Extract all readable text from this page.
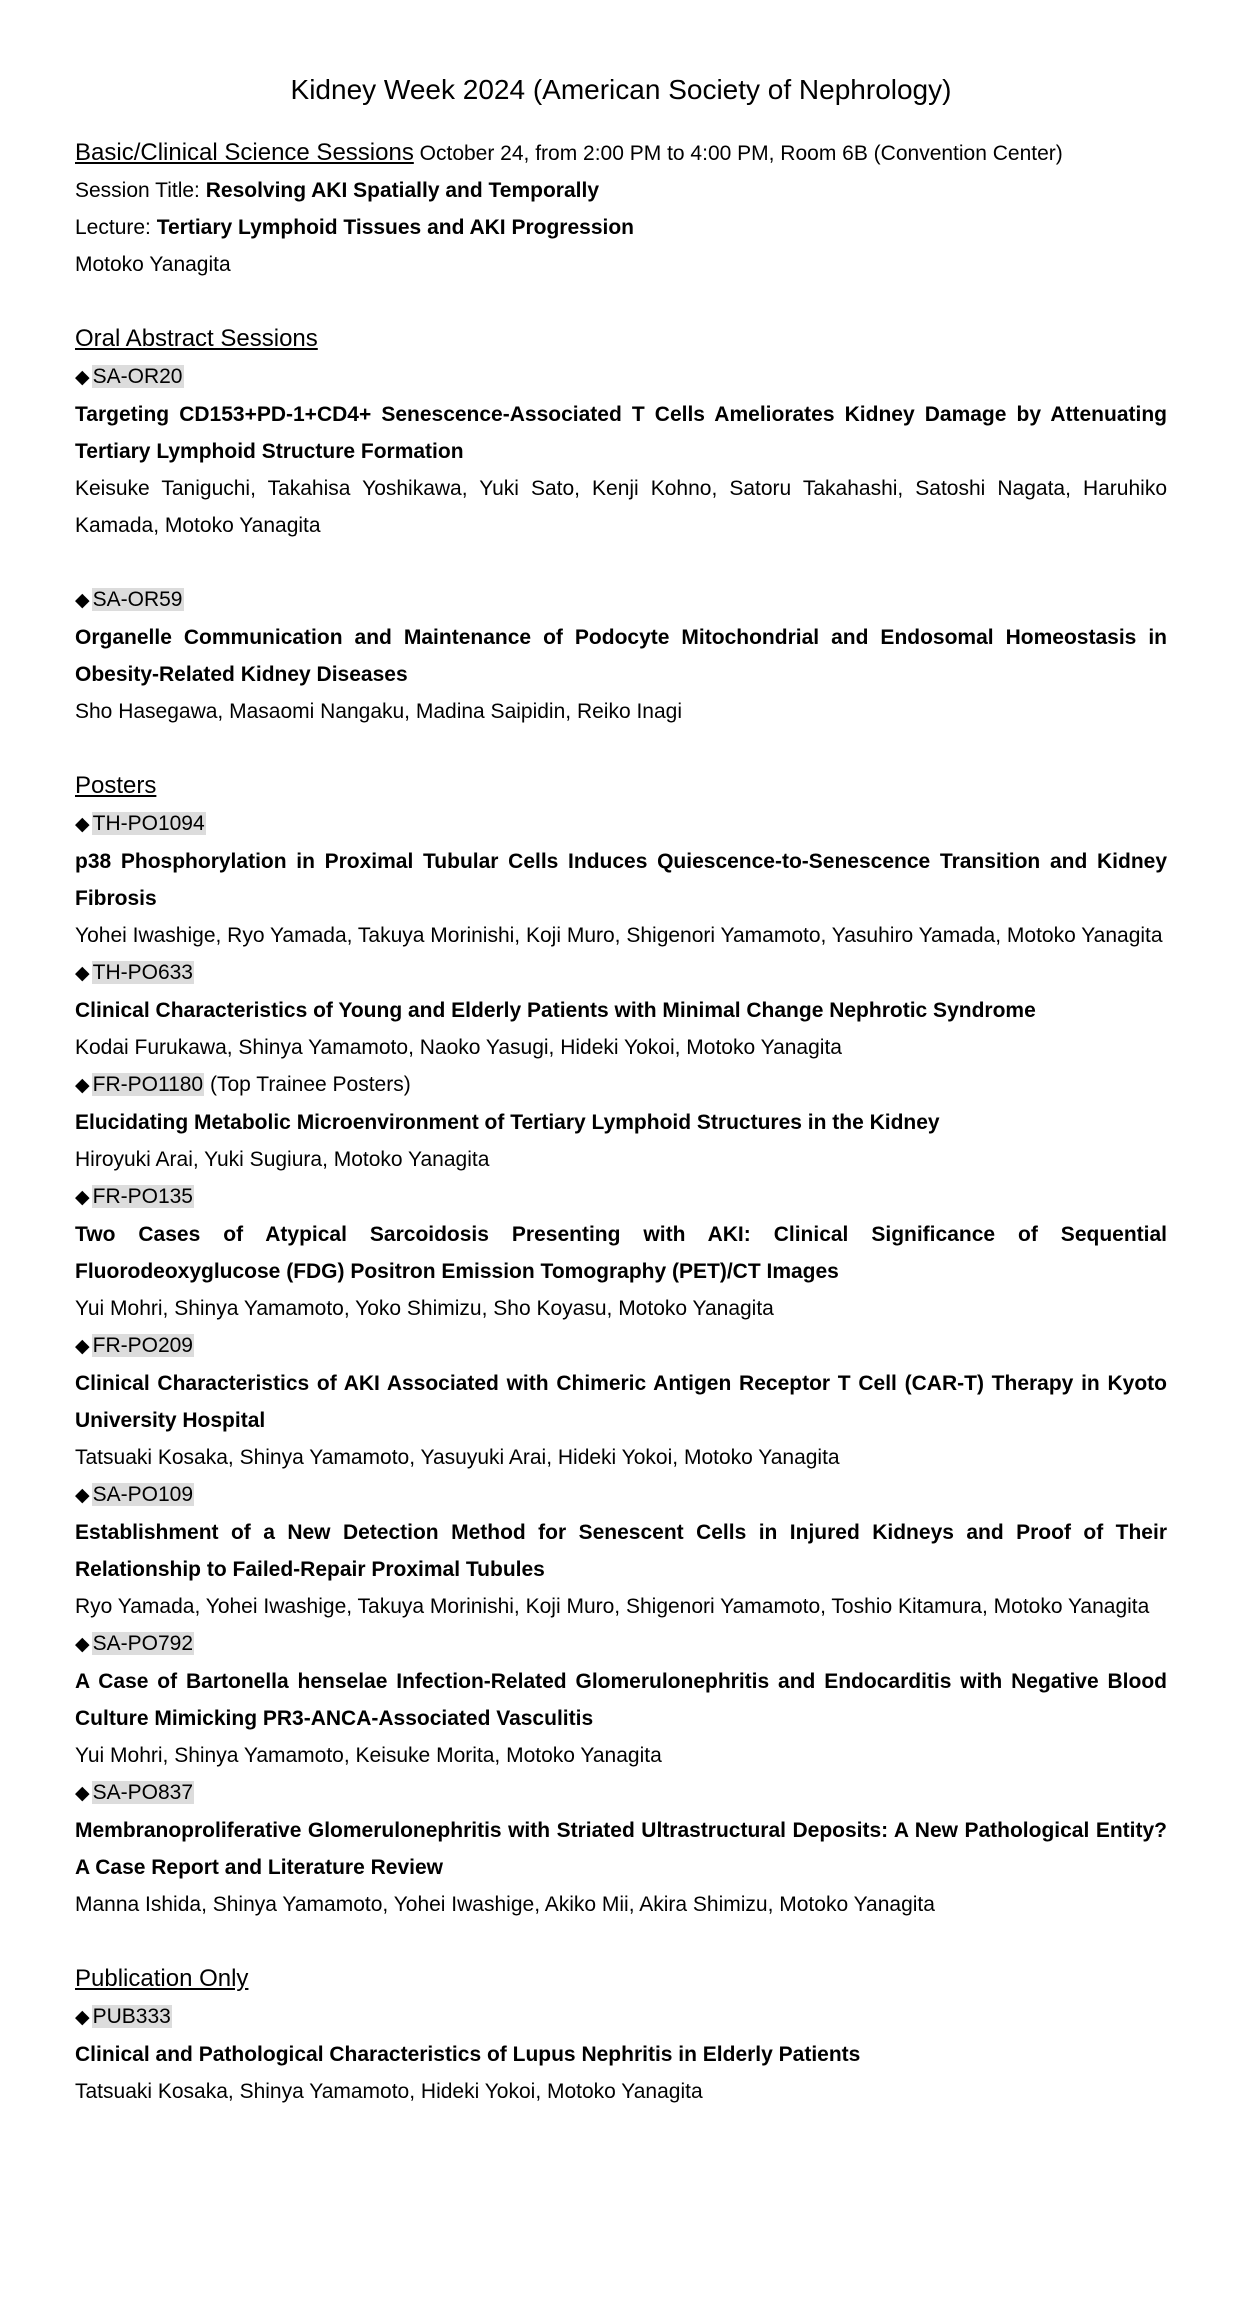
Kidney Week 2024 (American Society of Nephrology)

Basic/Clinical Science Sessions October 24, from 2:00 PM to 4:00 PM, Room 6B (Convention Center)

Session Title: Resolving AKI Spatially and Temporally

Lecture: Tertiary Lymphoid Tissues and AKI Progression

Motoko Yanagita

Oral Abstract Sessions

◆ SA-OR20

Targeting CD153+PD-1+CD4+ Senescence-Associated T Cells Ameliorates Kidney Damage by Attenuating Tertiary Lymphoid Structure Formation

Keisuke Taniguchi, Takahisa Yoshikawa, Yuki Sato, Kenji Kohno, Satoru Takahashi, Satoshi Nagata, Haruhiko Kamada, Motoko Yanagita

◆ SA-OR59

Organelle Communication and Maintenance of Podocyte Mitochondrial and Endosomal Homeostasis in Obesity-Related Kidney Diseases

Sho Hasegawa, Masaomi Nangaku, Madina Saipidin, Reiko Inagi

Posters

◆ TH-PO1094

p38 Phosphorylation in Proximal Tubular Cells Induces Quiescence-to-Senescence Transition and Kidney Fibrosis

Yohei Iwashige, Ryo Yamada, Takuya Morinishi, Koji Muro, Shigenori Yamamoto, Yasuhiro Yamada, Motoko Yanagita

◆ TH-PO633

Clinical Characteristics of Young and Elderly Patients with Minimal Change Nephrotic Syndrome

Kodai Furukawa, Shinya Yamamoto, Naoko Yasugi, Hideki Yokoi, Motoko Yanagita

◆ FR-PO1180 (Top Trainee Posters)

Elucidating Metabolic Microenvironment of Tertiary Lymphoid Structures in the Kidney

Hiroyuki Arai, Yuki Sugiura, Motoko Yanagita

◆ FR-PO135

Two Cases of Atypical Sarcoidosis Presenting with AKI: Clinical Significance of Sequential Fluorodeoxyglucose (FDG) Positron Emission Tomography (PET)/CT Images

Yui Mohri, Shinya Yamamoto, Yoko Shimizu, Sho Koyasu, Motoko Yanagita

◆ FR-PO209

Clinical Characteristics of AKI Associated with Chimeric Antigen Receptor T Cell (CAR-T) Therapy in Kyoto University Hospital

Tatsuaki Kosaka, Shinya Yamamoto, Yasuyuki Arai, Hideki Yokoi, Motoko Yanagita

◆ SA-PO109

Establishment of a New Detection Method for Senescent Cells in Injured Kidneys and Proof of Their Relationship to Failed-Repair Proximal Tubules

Ryo Yamada, Yohei Iwashige, Takuya Morinishi, Koji Muro, Shigenori Yamamoto, Toshio Kitamura, Motoko Yanagita

◆ SA-PO792

A Case of Bartonella henselae Infection-Related Glomerulonephritis and Endocarditis with Negative Blood Culture Mimicking PR3-ANCA-Associated Vasculitis

Yui Mohri, Shinya Yamamoto, Keisuke Morita, Motoko Yanagita

◆ SA-PO837

Membranoproliferative Glomerulonephritis with Striated Ultrastructural Deposits: A New Pathological Entity? A Case Report and Literature Review

Manna Ishida, Shinya Yamamoto, Yohei Iwashige, Akiko Mii, Akira Shimizu, Motoko Yanagita

Publication Only

◆ PUB333

Clinical and Pathological Characteristics of Lupus Nephritis in Elderly Patients

Tatsuaki Kosaka, Shinya Yamamoto, Hideki Yokoi, Motoko Yanagita
